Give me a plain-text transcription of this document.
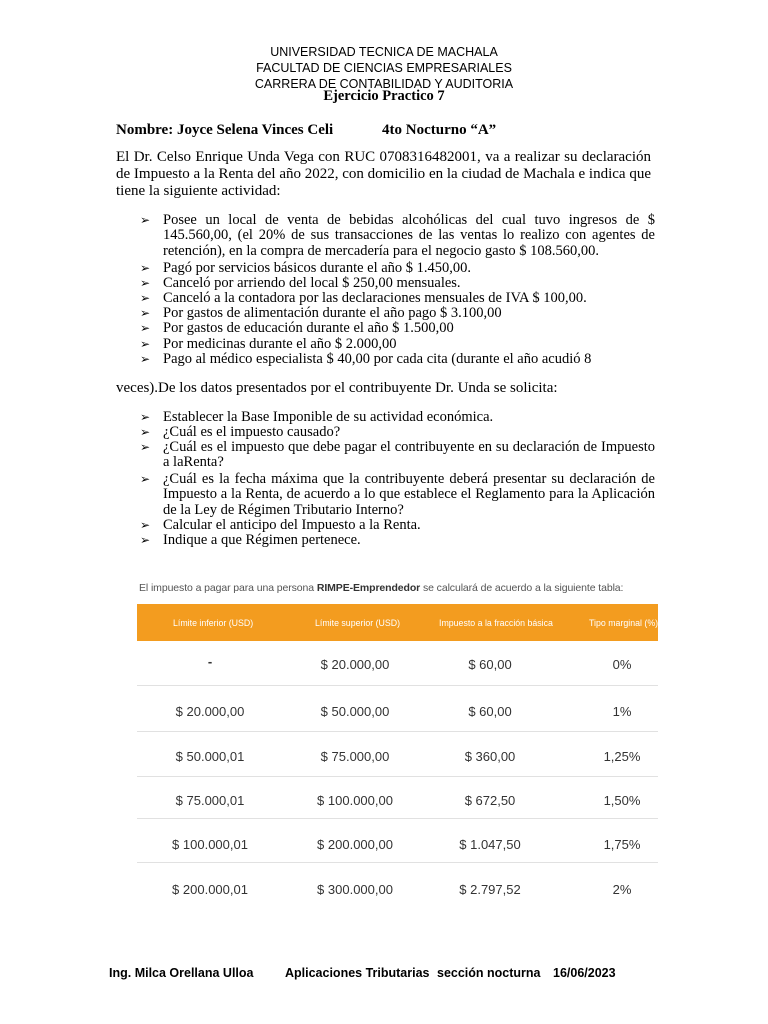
UNIVERSIDAD TECNICA DE MACHALA
FACULTAD DE CIENCIAS EMPRESARIALES
CARRERA DE CONTABILIDAD Y AUDITORIA
Ejercicio Practico 7
Nombre: Joyce Selena Vinces Celi	4to Nocturno “A”
El Dr. Celso Enrique Unda Vega con RUC 0708316482001, va a realizar su declaración de Impuesto a la Renta del año 2022, con domicilio en la ciudad de Machala e indica que tiene la siguiente actividad:
➢ Posee un local de venta de bebidas alcohólicas del cual tuvo ingresos de $ 145.560,00, (el 20% de sus transacciones de las ventas lo realizo con agentes de retención), en la compra de mercadería para el negocio gasto $ 108.560,00.
➢ Pagó por servicios básicos durante el año $ 1.450,00.
➢ Canceló por arriendo del local $ 250,00 mensuales.
➢ Canceló a la contadora por las declaraciones mensuales de IVA $ 100,00.
➢ Por gastos de alimentación durante el año pago $ 3.100,00
➢ Por gastos de educación durante el año $ 1.500,00
➢ Por medicinas durante el año $ 2.000,00
➢ Pago al médico especialista $ 40,00 por cada cita (durante el año acudió 8
veces).De los datos presentados por el contribuyente Dr. Unda se solicita:
➢ Establecer la Base Imponible de su actividad económica.
➢ ¿Cuál es el impuesto causado?
➢ ¿Cuál es el impuesto que debe pagar el contribuyente en su declaración de Impuesto a laRenta?
➢ ¿Cuál es la fecha máxima que la contribuyente deberá presentar su declaración de Impuesto a la Renta, de acuerdo a lo que establece el Reglamento para la Aplicación de la Ley de Régimen Tributario Interno?
➢ Calcular el anticipo del Impuesto a la Renta.
➢ Indique a que Régimen pertenece.
El impuesto a pagar para una persona RIMPE-Emprendedor se calculará de acuerdo a la siguiente tabla:
Límite inferior (USD)	Límite superior (USD)	Impuesto a la fracción básica	Tipo marginal (%)
-	$ 20.000,00	$ 60,00	0%
$ 20.000,00	$ 50.000,00	$ 60,00	1%
$ 50.000,01	$ 75.000,00	$ 360,00	1,25%
$ 75.000,01	$ 100.000,00	$ 672,50	1,50%
$ 100.000,01	$ 200.000,00	$ 1.047,50	1,75%
$ 200.000,01	$ 300.000,00	$ 2.797,52	2%
Ing. Milca Orellana Ulloa	Aplicaciones Tributarias sección nocturna 16/06/2023
